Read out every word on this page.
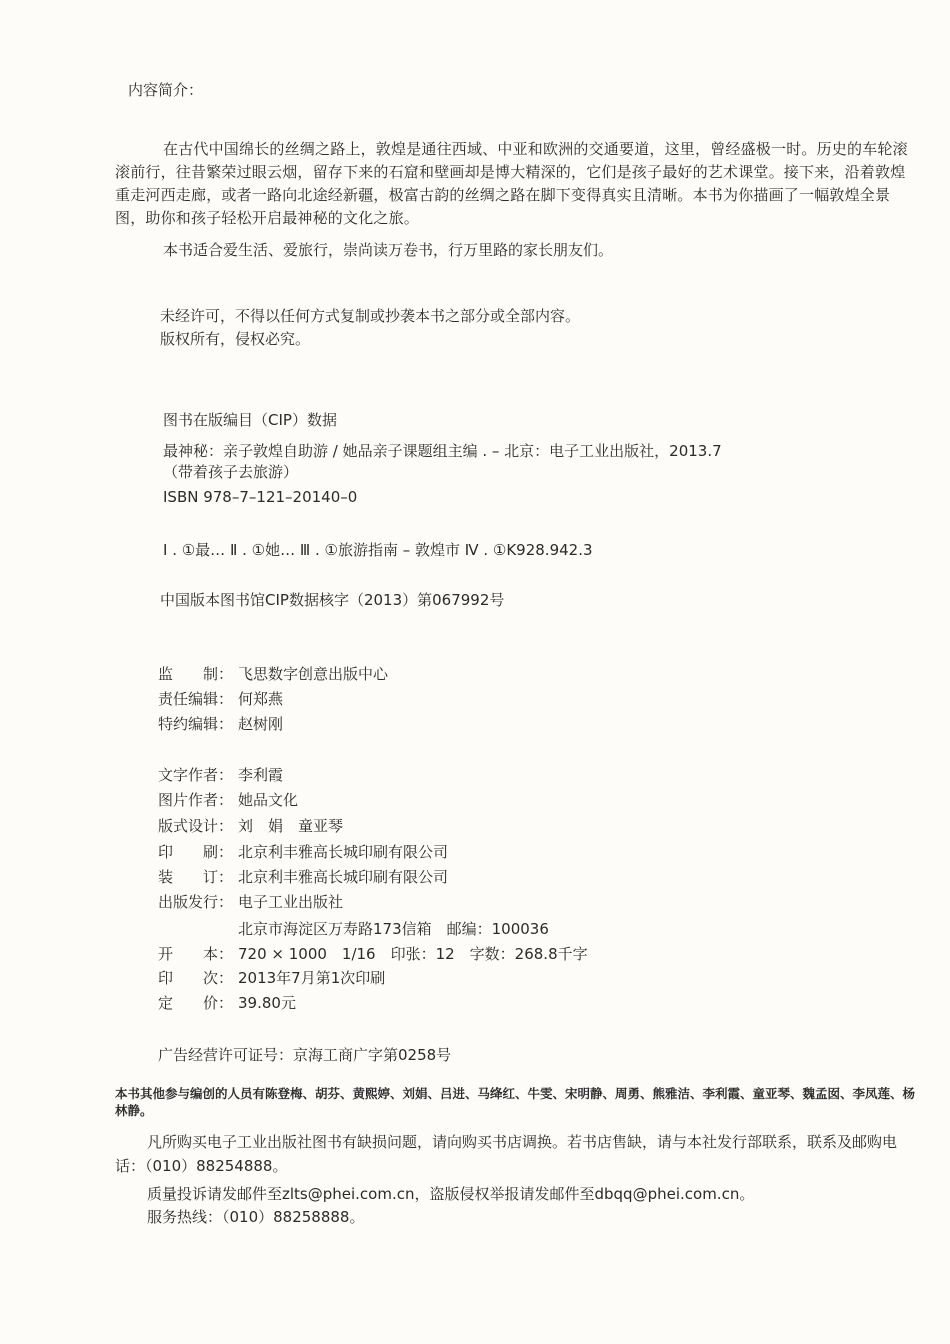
内容简介：
在古代中国绵长的丝绸之路上，敦煌是通往西域、中亚和欧洲的交通要道，这里，曾经盛极一时。历史的车轮滚滚前行，往昔繁荣过眼云烟，留存下来的石窟和壁画却是博大精深的，它们是孩子最好的艺术课堂。接下来，沿着敦煌重走河西走廊，或者一路向北途经新疆，极富古韵的丝绸之路在脚下变得真实且清晰。本书为你描画了一幅敦煌全景图，助你和孩子轻松开启最神秘的文化之旅。
本书适合爱生活、爱旅行，崇尚读万卷书，行万里路的家长朋友们。
未经许可，不得以任何方式复制或抄袭本书之部分或全部内容。
版权所有，侵权必究。
图书在版编目（CIP）数据
最神秘：亲子敦煌自助游 / 她品亲子课题组主编 . – 北京：电子工业出版社，2013.7
（带着孩子去旅游）
ISBN 978–7–121–20140–0
Ⅰ . ①最… Ⅱ . ①她… Ⅲ . ①旅游指南 – 敦煌市 Ⅳ . ①K928.942.3
中国版本图书馆CIP数据核字（2013）第067992号
监　　制： 飞思数字创意出版中心
责任编辑： 何郑燕
特约编辑： 赵树刚
文字作者： 李利霞
图片作者： 她品文化
版式设计： 刘　娟　童亚琴
印　　刷： 北京利丰雅高长城印刷有限公司
装　　订： 北京利丰雅高长城印刷有限公司
出版发行： 电子工业出版社
北京市海淀区万寿路173信箱　邮编：100036
开　　本： 720 × 1000　1/16　印张：12　字数：268.8千字
印　　次： 2013年7月第1次印刷
定　　价： 39.80元
广告经营许可证号：京海工商广字第0258号
本书其他参与编创的人员有陈登梅、胡芬、黄熙婷、刘娟、吕进、马绛红、牛雯、宋明静、周勇、熊雅洁、李利霞、童亚琴、魏孟囡、李凤莲、杨林静。
凡所购买电子工业出版社图书有缺损问题，请向购买书店调换。若书店售缺，请与本社发行部联系，联系及邮购电话：（010）88254888。
质量投诉请发邮件至zlts@phei.com.cn，盗版侵权举报请发邮件至dbqq@phei.com.cn。
服务热线：（010）88258888。
